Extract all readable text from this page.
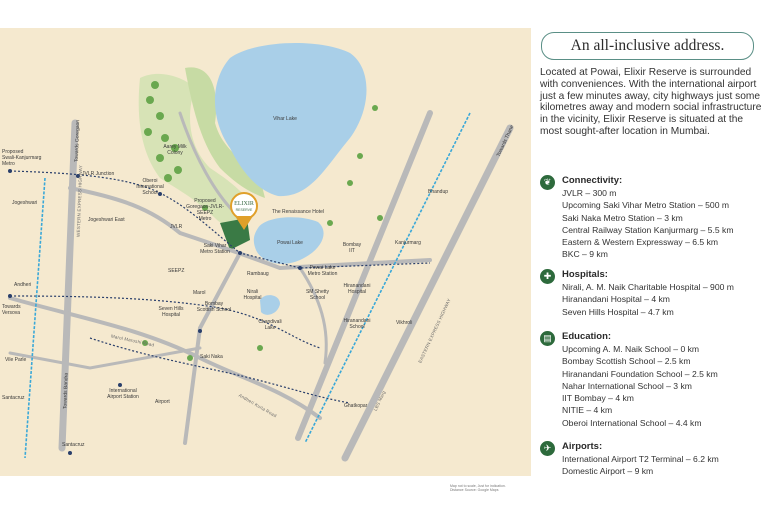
ELIXIR
RESERVE
Vihar Lake
Powai Lake
Chandivali
Lake
Proposed
Swali-Kanjurmarg
Metro
Jogeshwari
Jogeshwari East
JVLR Junction
Aarey Milk
Colony
Oberoi
International
School
Proposed
Goregaon-JVLR-SEEPZ
Metro
The Renaissance Hotel
Bhandup
Andheri
Towards
Versova
JVLR
Saki Vihar
Metro Station
SEEPZ
Bombay
IIT
Kanjurmarg
Rambaug
Powai Lake
Metro Station
Marol
Seven Hills
Hospital
Bombay
Scottish School
Nirali
Hospital
SM Shetty
School
Hiranandani
Hospital
Hiranandani
School
Vikhroli
Vile Parle	Saki Naka
Santacruz
International
Airport Station
Airport
Ghatkopar
Santacruz
Towards Bandra
WESTERN EXPRESS HIGHWAY
EASTERN EXPRESS HIGHWAY
Towards Thane
Towards Goregaon
LBS Marg
Andheri Kurla Road
Marol Maroshi Road
Map not to scale, Just for indication.
Distance Source: Google Maps
An all-inclusive address.
Located at Powai, Elixir Reserve is surrounded with conveniences. With the international airport just a few minutes away, city highways just some kilometres away and modern social infrastructure in the vicinity, Elixir Reserve is situated at the most sought-after location in Mumbai.
❦	Connectivity:
JVLR – 300 m
Upcoming Saki Vihar Metro Station – 500 m
Saki Naka Metro Station – 3 km
Central Railway Station Kanjurmarg – 5.5 km
Eastern & Western Expressway – 6.5 km
BKC – 9 km
✚	Hospitals:
Nirali, A. M. Naik Charitable Hospital – 900 m
Hiranandani Hospital – 4 km
Seven Hills Hospital – 4.7 km
▤	Education:
Upcoming A. M. Naik School – 0 km
Bombay Scottish School – 2.5 km
Hiranandani Foundation School – 2.5 km
Nahar International School – 3 km
IIT Bombay – 4 km
NITIE – 4 km
Oberoi International School – 4.4 km
✈	Airports:
International Airport T2 Terminal – 6.2 km
Domestic Airport – 9 km
